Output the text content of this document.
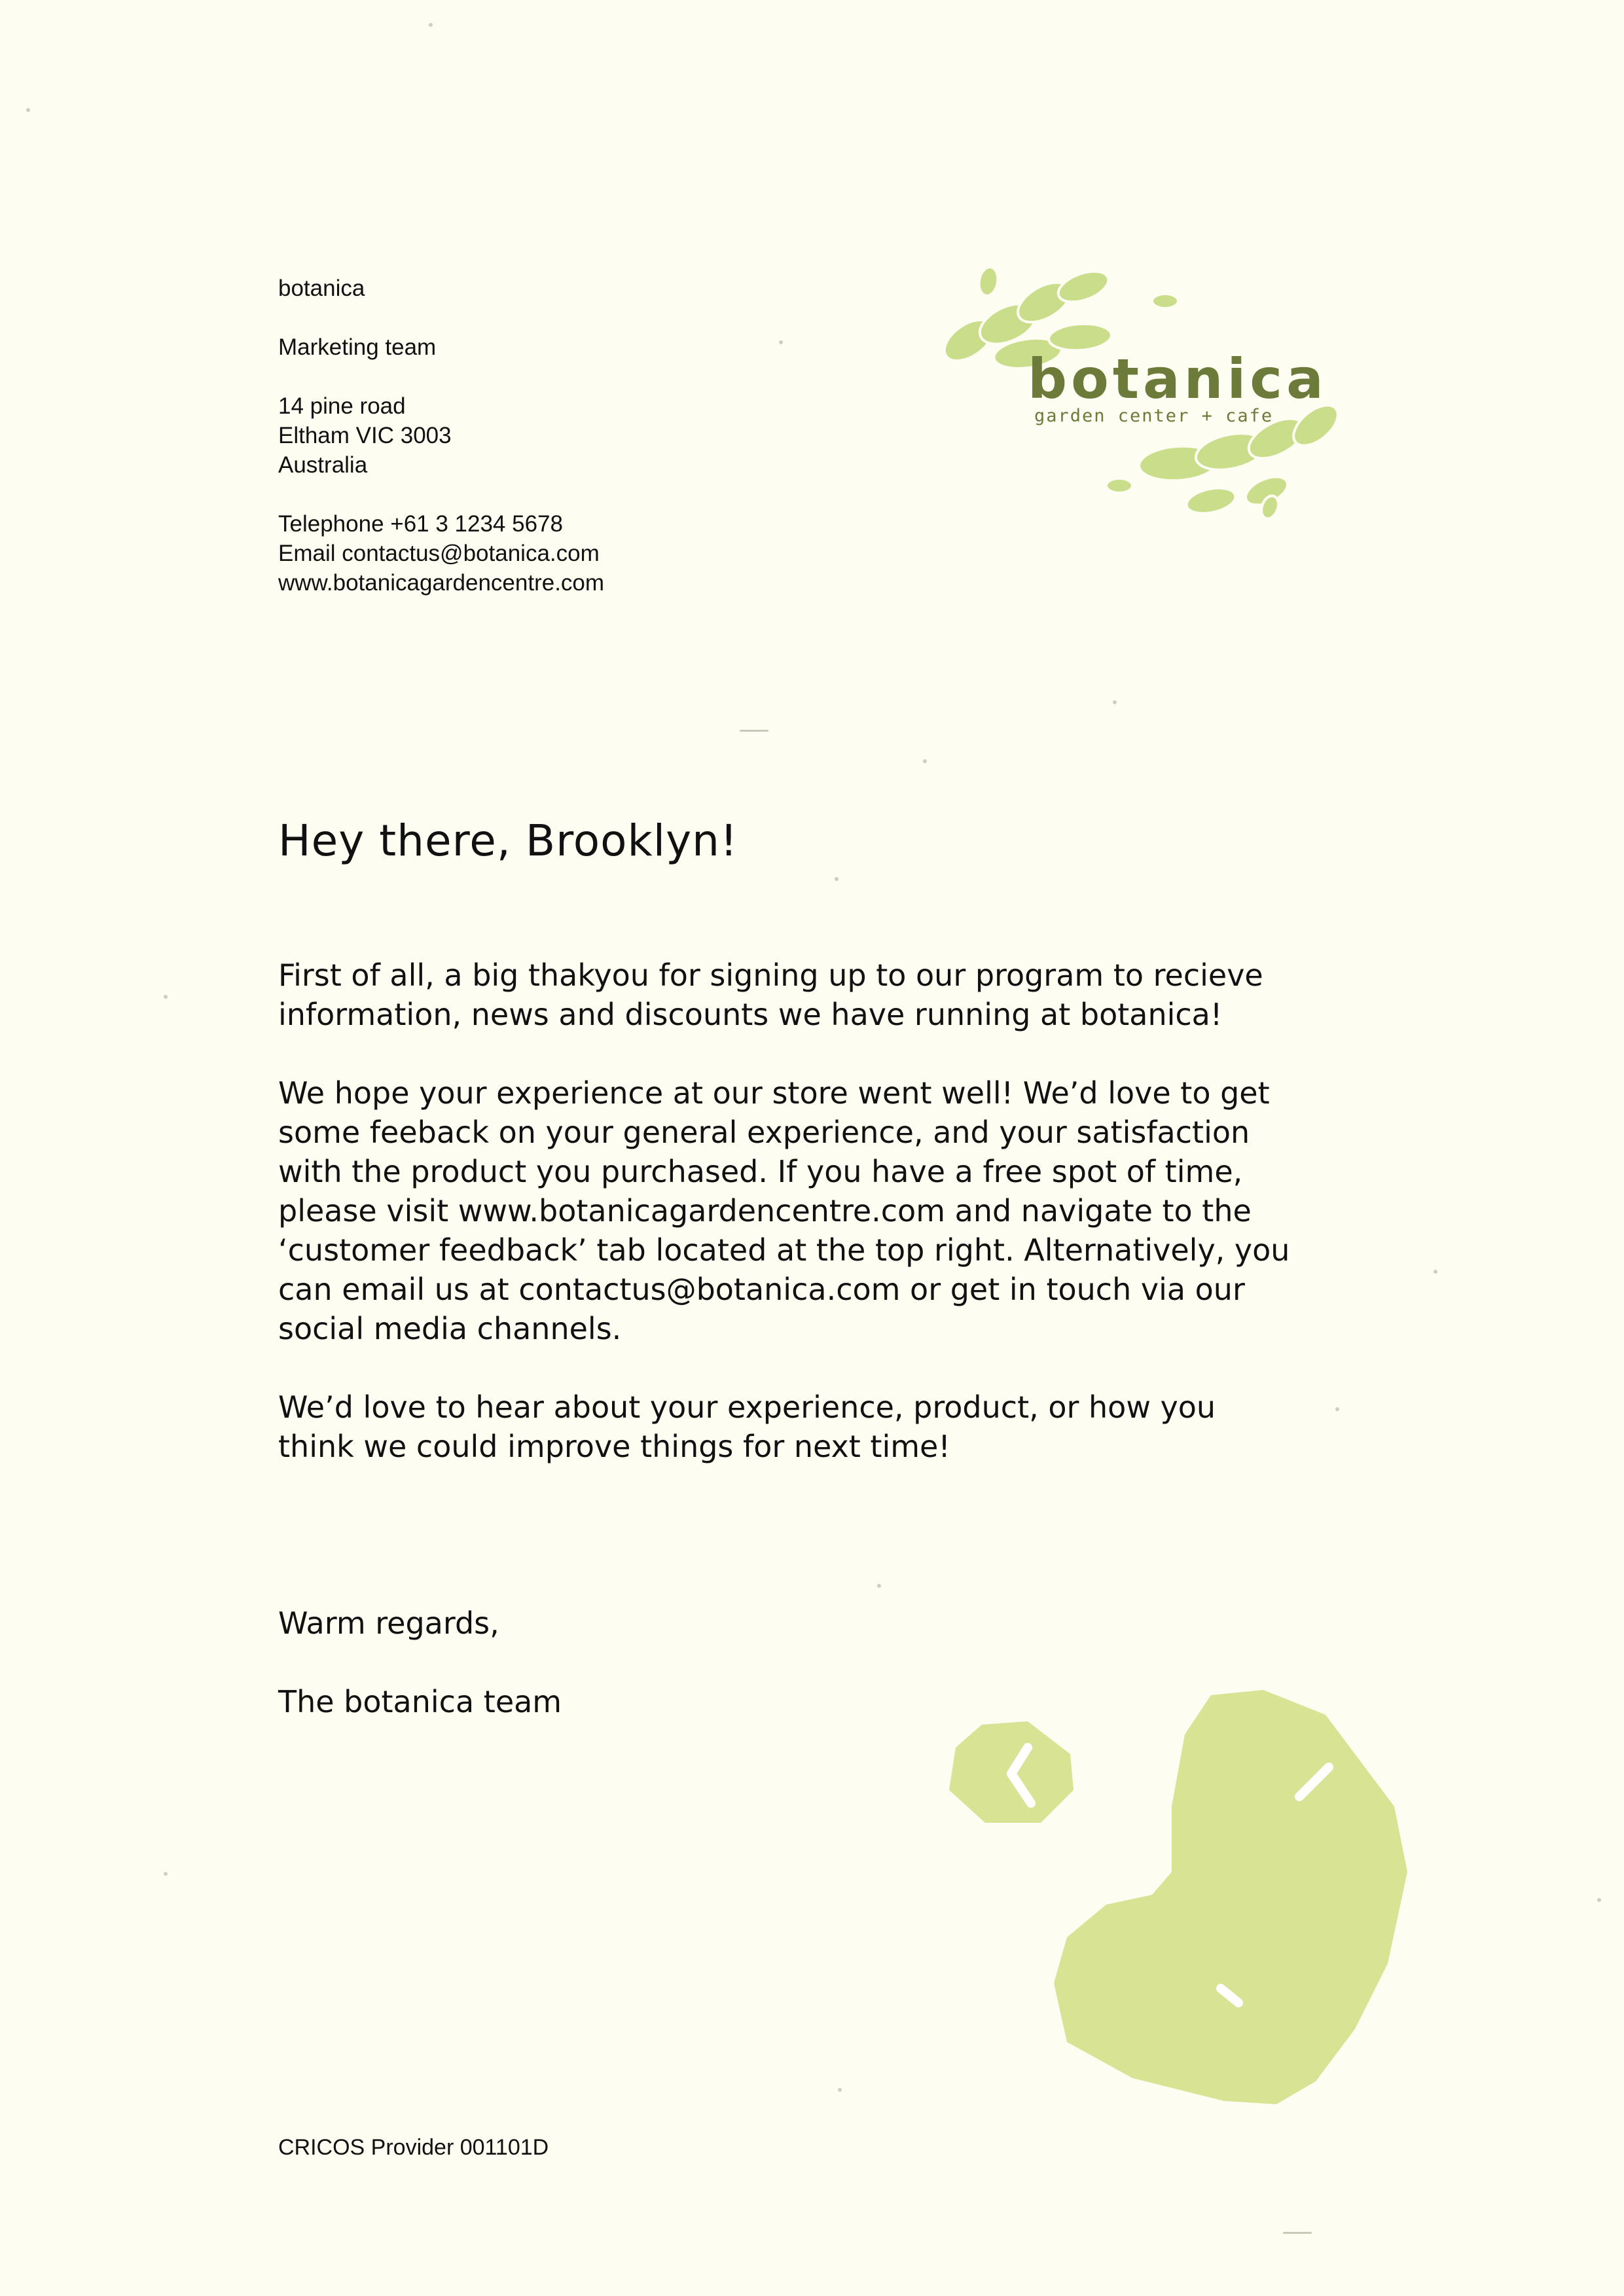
botanica

Marketing team

14 pine road

Eltham VIC 3003

Australia

Telephone +61 3 1234 5678

Email contactus@botanica.com

www.botanicagardencentre.com

botanica

garden center + cafe

Hey there, Brooklyn!

First of all, a big thakyou for signing up to our program to recieve information, news and discounts we have running at botanica!

We hope your experience at our store went well! We’d love to get some feeback on your general experience, and your satisfaction with the product you purchased. If you have a free spot of time, please visit www.botanicagardencentre.com and navigate to the ‘customer feedback’ tab located at the top right. Alternatively, you can email us at contactus@botanica.com or get in touch via our social media channels.

We’d love to hear about your experience, product, or how you think we could improve things for next time!

Warm regards,

The botanica team

CRICOS Provider 001101D
